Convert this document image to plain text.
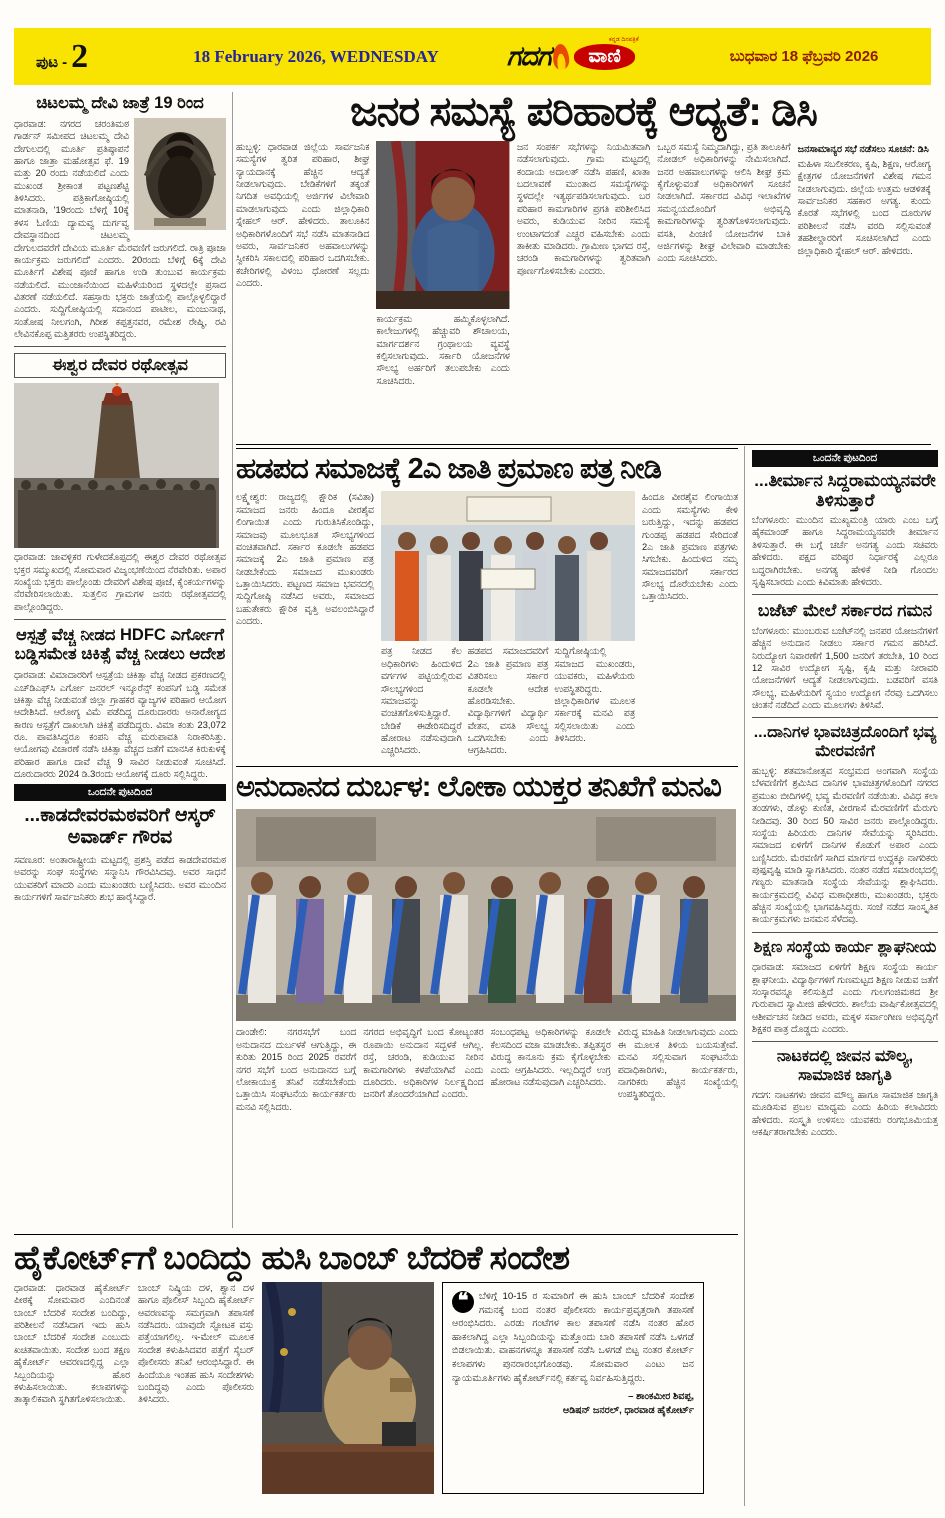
ಪುಟ - 2	18 February 2026, WEDNESDAY	ಗದಗ
ಕನ್ನಡ ದಿನಪತ್ರಿಕೆ
ವಾಣಿ	ಬುಧವಾರ 18 ಫೆಬ್ರವರಿ 2026
ಚಿಟಲಮ್ಮ ದೇವಿ ಜಾತ್ರೆ 19 ರಿಂದ
ಧಾರವಾಡ: ನಗರದ ಚರಂತಿಮಠ ಗಾರ್ಡನ್ ಸಮೀಪದ ಚಿಟಲಮ್ಮ ದೇವಿ ದೇಗುಲದಲ್ಲಿ ಮೂರ್ತಿ ಪ್ರತಿಷ್ಠಾಪನೆ ಹಾಗೂ ಜಾತ್ರಾ ಮಹೋತ್ಸವ ಫೆ. 19 ಮತ್ತು 20 ರಂದು ನಡೆಯಲಿದೆ ಎಂದು ಮುಖಂಡ ಶ್ರೀಕಾಂತ ಪಟ್ಟಣಶೆಟ್ಟಿ ತಿಳಿಸಿದರು. ಪತ್ರಿಕಾಗೋಷ್ಠಿಯಲ್ಲಿ ಮಾತನಾಡಿ, '19ರಂದು ಬೆಳಿಗ್ಗೆ 10ಕ್ಕೆ ಕಳಸ ಓಣಿಯ ದ್ಯಾಮವ್ವ ದುರ್ಗವ್ವ ದೇವಸ್ಥಾನದಿಂದ ಚಿಟಲಮ್ಮ ದೇಗುಲದವರೆಗೆ ದೇವಿಯ ಮೂರ್ತಿ ಮೆರವಣಿಗೆ ಜರುಗಲಿದೆ. ರಾತ್ರಿ ಪೂಜಾ ಕಾರ್ಯಕ್ರಮ ಜರುಗಲಿದೆ' ಎಂದರು. 20ರಂದು ಬೆಳಿಗ್ಗೆ 6ಕ್ಕೆ ದೇವಿ ಮೂರ್ತಿಗೆ ವಿಶೇಷ ಪೂಜೆ ಹಾಗೂ ಉಡಿ ತುಂಬುವ ಕಾರ್ಯಕ್ರಮ ನಡೆಯಲಿದೆ. ಮುಂಜಾನೆಯಿಂದ ಮಹಿಳೆಯರಿಂದ ಸ್ಥಳದಲ್ಲೇ ಪ್ರಸಾದ ವಿತರಣೆ ನಡೆಯಲಿದೆ. ಸಹಸ್ರಾರು ಭಕ್ತರು ಜಾತ್ರೆಯಲ್ಲಿ ಪಾಲ್ಗೊಳ್ಳಲಿದ್ದಾರೆ ಎಂದರು. ಸುದ್ದಿಗೋಷ್ಠಿಯಲ್ಲಿ ಸದಾನಂದ ಪಾಟೀಲ, ಮಂಜುನಾಥ, ಸಂತೋಷ ನೀಲಗಂಗಿ, ಗಿರೀಶ ಕಪ್ಪತ್ತನವರ, ರಮೇಶ ರೇಷ್ಮಿ, ರವಿ ಲೇವಿನಕೊಪ್ಪ ಮತ್ತಿತರರು ಉಪಸ್ಥಿತರಿದ್ದರು.
ಈಶ್ವರ ದೇವರ ರಥೋತ್ಸವ
ಧಾರವಾಡ: ಜಾವಳ್ಳಿಕರ ಗುಳೇದಕೊಪ್ಪದಲ್ಲಿ ಈಶ್ವರ ದೇವರ ರಥೋತ್ಸವ ಭಕ್ತರ ಸಮ್ಮುಖದಲ್ಲಿ ಸೋಮವಾರ ವಿಜೃಂಭಣೆಯಿಂದ ನೆರವೇರಿತು. ಅಪಾರ ಸಂಖ್ಯೆಯ ಭಕ್ತರು ಪಾಲ್ಗೊಂಡು ದೇವರಿಗೆ ವಿಶೇಷ ಪೂಜೆ, ಕೈಂಕರ್ಯಗಳನ್ನು ನೆರವೇರಿಸಲಾಯಿತು. ಸುತ್ತಲಿನ ಗ್ರಾಮಗಳ ಜನರು ರಥೋತ್ಸವದಲ್ಲಿ ಪಾಲ್ಗೊಂಡಿದ್ದರು.
ಆಸ್ಪತ್ರೆ ವೆಚ್ಚ ನೀಡದ HDFC ಎರ್ಗೋಗೆ ಬಡ್ಡಿಸಮೇತ ಚಿಕಿತ್ಸೆ ವೆಚ್ಚ ನೀಡಲು ಆದೇಶ
ಧಾರವಾಡ: ವಿಮಾದಾರರಿಗೆ ಆಸ್ಪತ್ರೆಯ ಚಿಕಿತ್ಸಾ ವೆಚ್ಚ ನೀಡದ ಪ್ರಕರಣದಲ್ಲಿ ಎಚ್‌ಡಿಎಫ್‌ಸಿ ಎರ್ಗೋ ಜನರಲ್ ಇನ್ಶೂರೆನ್ಸ್ ಕಂಪನಿಗೆ ಬಡ್ಡಿ ಸಮೇತ ಚಿಕಿತ್ಸಾ ವೆಚ್ಚ ನೀಡುವಂತೆ ಜಿಲ್ಲಾ ಗ್ರಾಹಕರ ವ್ಯಾಜ್ಯಗಳ ಪರಿಹಾರ ಆಯೋಗ ಆದೇಶಿಸಿದೆ. ಆರೋಗ್ಯ ವಿಮೆ ಪಡೆದಿದ್ದ ದೂರುದಾರರು ಅನಾರೋಗ್ಯದ ಕಾರಣ ಆಸ್ಪತ್ರೆಗೆ ದಾಖಲಾಗಿ ಚಿಕಿತ್ಸೆ ಪಡೆದಿದ್ದರು. ವಿಮಾ ಕಂತು 23,072 ರೂ. ಪಾವತಿಸಿದ್ದರೂ ಕಂಪನಿ ವೆಚ್ಚ ಮರುಪಾವತಿ ನಿರಾಕರಿಸಿತ್ತು. ಆಯೋಗವು ವಿಚಾರಣೆ ನಡೆಸಿ ಚಿಕಿತ್ಸಾ ವೆಚ್ಚದ ಜತೆಗೆ ಮಾನಸಿಕ ಕಿರುಕುಳಕ್ಕೆ ಪರಿಹಾರ ಹಾಗೂ ದಾವೆ ವೆಚ್ಚ 9 ಸಾವಿರ ನೀಡುವಂತೆ ಸೂಚಿಸಿದೆ. ದೂರುದಾರರು 2024 ಡಿ.3ರಂದು ಆಯೋಗಕ್ಕೆ ದೂರು ಸಲ್ಲಿಸಿದ್ದರು.
ಒಂದನೇ ಪುಟದಿಂದ
...ಕಾಡದೇವರಮಠವರಿಗೆ ಆಸ್ಕರ್ ಅವಾರ್ಡ್ ಗೌರವ
ಸವಣೂರ: ಅಂತಾರಾಷ್ಟ್ರೀಯ ಮಟ್ಟದಲ್ಲಿ ಪ್ರಶಸ್ತಿ ಪಡೆದ ಕಾಡದೇವರಮಠ ಅವರನ್ನು ಸಂಘ ಸಂಸ್ಥೆಗಳು ಸನ್ಮಾನಿಸಿ ಗೌರವಿಸಿದವು. ಅವರ ಸಾಧನೆ ಯುವಕರಿಗೆ ಮಾದರಿ ಎಂದು ಮುಖಂಡರು ಬಣ್ಣಿಸಿದರು. ಅವರ ಮುಂದಿನ ಕಾರ್ಯಗಳಿಗೆ ಸಾರ್ವಜನಿಕರು ಶುಭ ಹಾರೈಸಿದ್ದಾರೆ.
ಜನರ ಸಮಸ್ಯೆ ಪರಿಹಾರಕ್ಕೆ ಆದ್ಯತೆ: ಡಿಸಿ
ಹುಬ್ಬಳ್ಳಿ: ಧಾರವಾಡ ಜಿಲ್ಲೆಯ ಸಾರ್ವಜನಿಕ ಸಮಸ್ಯೆಗಳ ತ್ವರಿತ ಪರಿಹಾರ, ಶೀಘ್ರ ನ್ಯಾಯದಾನಕ್ಕೆ ಹೆಚ್ಚಿನ ಆದ್ಯತೆ ನೀಡಲಾಗುವುದು. ಬೇಡಿಕೆಗಳಿಗೆ ತಕ್ಕಂತೆ ನಿಗದಿತ ಅವಧಿಯಲ್ಲಿ ಅರ್ಜಿಗಳ ವಿಲೇವಾರಿ ಮಾಡಲಾಗುವುದು ಎಂದು ಜಿಲ್ಲಾಧಿಕಾರಿ ಸ್ನೇಹಲ್ ಆರ್. ಹೇಳಿದರು. ತಾಲೂಕಿನ ಅಧಿಕಾರಿಗಳೊಂದಿಗೆ ಸಭೆ ನಡೆಸಿ ಮಾತನಾಡಿದ ಅವರು, ಸಾರ್ವಜನಿಕರ ಅಹವಾಲುಗಳನ್ನು ಸ್ವೀಕರಿಸಿ ಸಕಾಲದಲ್ಲಿ ಪರಿಹಾರ ಒದಗಿಸಬೇಕು. ಕಚೇರಿಗಳಲ್ಲಿ ವಿಳಂಬ ಧೋರಣೆ ಸಲ್ಲದು ಎಂದರು.
ಕಾರ್ಯಕ್ರಮ ಹಮ್ಮಿಕೊಳ್ಳಲಾಗಿದೆ. ಕಾಲೇಜುಗಳಲ್ಲಿ ಹೆಚ್ಚುವರಿ ಶೌಚಾಲಯ, ಮಾರ್ಗದರ್ಶನ ಗ್ರಂಥಾಲಯ ವ್ಯವಸ್ಥೆ ಕಲ್ಪಿಸಲಾಗುವುದು. ಸರ್ಕಾರಿ ಯೋಜನೆಗಳ ಸೌಲಭ್ಯ ಅರ್ಹರಿಗೆ ತಲುಪಬೇಕು ಎಂದು ಸೂಚಿಸಿದರು.
ಜನ ಸಂಪರ್ಕ ಸಭೆಗಳನ್ನು ನಿಯಮಿತವಾಗಿ ನಡೆಸಲಾಗುವುದು. ಗ್ರಾಮ ಮಟ್ಟದಲ್ಲಿ ಕಂದಾಯ ಅದಾಲತ್ ನಡೆಸಿ ಪಹಣಿ, ಖಾತಾ ಬದಲಾವಣೆ ಮುಂತಾದ ಸಮಸ್ಯೆಗಳನ್ನು ಸ್ಥಳದಲ್ಲೇ ಇತ್ಯರ್ಥಪಡಿಸಲಾಗುವುದು. ಬರ ಪರಿಹಾರ ಕಾಮಗಾರಿಗಳ ಪ್ರಗತಿ ಪರಿಶೀಲಿಸಿದ ಅವರು, ಕುಡಿಯುವ ನೀರಿನ ಸಮಸ್ಯೆ ಉಂಟಾಗದಂತೆ ಎಚ್ಚರ ವಹಿಸಬೇಕು ಎಂದು ತಾಕೀತು ಮಾಡಿದರು. ಗ್ರಾಮೀಣ ಭಾಗದ ರಸ್ತೆ, ಚರಂಡಿ ಕಾಮಗಾರಿಗಳನ್ನು ತ್ವರಿತವಾಗಿ ಪೂರ್ಣಗೊಳಿಸಬೇಕು ಎಂದರು.
ಒಬ್ಬರ ಸಮಸ್ಯೆ ನಿಮ್ಮದಾಗಿದ್ದು, ಪ್ರತಿ ತಾಲೂಕಿಗೆ ನೋಡಲ್ ಅಧಿಕಾರಿಗಳನ್ನು ನೇಮಿಸಲಾಗಿದೆ. ಜನರ ಅಹವಾಲುಗಳನ್ನು ಆಲಿಸಿ ಶೀಘ್ರ ಕ್ರಮ ಕೈಗೊಳ್ಳುವಂತೆ ಅಧಿಕಾರಿಗಳಿಗೆ ಸೂಚನೆ ನೀಡಲಾಗಿದೆ. ಸರ್ಕಾರದ ವಿವಿಧ ಇಲಾಖೆಗಳ ಸಮನ್ವಯದೊಂದಿಗೆ ಅಭಿವೃದ್ಧಿ ಕಾಮಗಾರಿಗಳನ್ನು ತ್ವರಿತಗೊಳಿಸಲಾಗುವುದು. ವಸತಿ, ಪಿಂಚಣಿ ಯೋಜನೆಗಳ ಬಾಕಿ ಅರ್ಜಿಗಳನ್ನು ಶೀಘ್ರ ವಿಲೇವಾರಿ ಮಾಡಬೇಕು ಎಂದು ಸೂಚಿಸಿದರು.
ಜನಸಾಮಾನ್ಯರ ಸಭೆ ನಡೆಸಲು ಸೂಚನೆ: ಡಿಸಿ
ಮಹಿಳಾ ಸಬಲೀಕರಣ, ಕೃಷಿ, ಶಿಕ್ಷಣ, ಆರೋಗ್ಯ ಕ್ಷೇತ್ರಗಳ ಯೋಜನೆಗಳಿಗೆ ವಿಶೇಷ ಗಮನ ನೀಡಲಾಗುವುದು. ಜಿಲ್ಲೆಯ ಉತ್ತಮ ಆಡಳಿತಕ್ಕೆ ಸಾರ್ವಜನಿಕರ ಸಹಕಾರ ಅಗತ್ಯ. ಕುಂದು ಕೊರತೆ ಸಭೆಗಳಲ್ಲಿ ಬಂದ ದೂರುಗಳ ಪರಿಶೀಲನೆ ನಡೆಸಿ ವರದಿ ಸಲ್ಲಿಸುವಂತೆ ತಹಶೀಲ್ದಾರರಿಗೆ ಸೂಚಿಸಲಾಗಿದೆ ಎಂದು ಜಿಲ್ಲಾಧಿಕಾರಿ ಸ್ನೇಹಲ್ ಆರ್. ಹೇಳಿದರು.
ಹಡಪದ ಸಮಾಜಕ್ಕೆ 2ಎ ಜಾತಿ ಪ್ರಮಾಣ ಪತ್ರ ನೀಡಿ
ಲಕ್ಷ್ಮೇಶ್ವರ: ರಾಜ್ಯದಲ್ಲಿ ಕ್ಷೌರಿಕ (ಸವಿತಾ) ಸಮಾಜದ ಜನರು ಹಿಂದೂ ವೀರಶೈವ ಲಿಂಗಾಯಿತ ಎಂದು ಗುರುತಿಸಿಕೊಂಡಿದ್ದು, ಸಮಾಜವು ಮೂಲಭೂತ ಸೌಲಭ್ಯಗಳಿಂದ ವಂಚಿತವಾಗಿದೆ. ಸರ್ಕಾರ ಕೂಡಲೇ ಹಡಪದ ಸಮಾಜಕ್ಕೆ 2ಎ ಜಾತಿ ಪ್ರಮಾಣ ಪತ್ರ ನೀಡಬೇಕೆಂದು ಸಮಾಜದ ಮುಖಂಡರು ಒತ್ತಾಯಿಸಿದರು. ಪಟ್ಟಣದ ಸಮಾಜ ಭವನದಲ್ಲಿ ಸುದ್ದಿಗೋಷ್ಠಿ ನಡೆಸಿದ ಅವರು, ಸಮಾಜದ ಬಹುತೇಕರು ಕ್ಷೌರಿಕ ವೃತ್ತಿ ಅವಲಂಬಿಸಿದ್ದಾರೆ ಎಂದರು.
ಪತ್ರ ನೀಡದ ಕೆಲ ಅಧಿಕಾರಿಗಳು ಹಿಂದುಳಿದ ವರ್ಗಗಳ ಪಟ್ಟಿಯಲ್ಲಿರುವ ಸೌಲಭ್ಯಗಳಿಂದ ಸಮಾಜವನ್ನು ವಂಚಿತಗೊಳಿಸುತ್ತಿದ್ದಾರೆ. ಬೇಡಿಕೆ ಈಡೇರಿಸದಿದ್ದರೆ ಹೋರಾಟ ನಡೆಸುವುದಾಗಿ ಎಚ್ಚರಿಸಿದರು.
ಹಡಪದ ಸಮಾಜದವರಿಗೆ 2ಎ ಜಾತಿ ಪ್ರಮಾಣ ಪತ್ರ ವಿತರಿಸಲು ಸರ್ಕಾರ ಕೂಡಲೇ ಆದೇಶ ಹೊರಡಿಸಬೇಕು. ವಿದ್ಯಾರ್ಥಿಗಳಿಗೆ ವಿದ್ಯಾರ್ಥಿ ವೇತನ, ವಸತಿ ಸೌಲಭ್ಯ ಒದಗಿಸಬೇಕು ಎಂದು ಆಗ್ರಹಿಸಿದರು.
ಸುದ್ದಿಗೋಷ್ಠಿಯಲ್ಲಿ ಸಮಾಜದ ಮುಖಂಡರು, ಯುವಕರು, ಮಹಿಳೆಯರು ಉಪಸ್ಥಿತರಿದ್ದರು. ಜಿಲ್ಲಾಧಿಕಾರಿಗಳ ಮೂಲಕ ಸರ್ಕಾರಕ್ಕೆ ಮನವಿ ಪತ್ರ ಸಲ್ಲಿಸಲಾಯಿತು ಎಂದು ತಿಳಿಸಿದರು.
ಹಿಂದೂ ವೀರಶೈವ ಲಿಂಗಾಯಿತ ಎಂದು ಸಮಸ್ಯೆಗಳು ಕೇಳಿ ಬರುತ್ತಿದ್ದು, ಇದನ್ನು ಹಡಪದ ಗುಂಡಪ್ಪ ಹಡಪದ ಸೇರಿದಂತೆ 2ಎ ಜಾತಿ ಪ್ರಮಾಣ ಪತ್ರಗಳು ಸಿಗಬೇಕು. ಹಿಂದುಳಿದ ನಮ್ಮ ಸಮಾಜದವರಿಗೆ ಸರ್ಕಾರದ ಸೌಲಭ್ಯ ದೊರೆಯಬೇಕು ಎಂದು ಒತ್ತಾಯಿಸಿದರು.
ಅನುದಾನದ ದುರ್ಬಳ: ಲೋಕಾ ಯುಕ್ತರ ತನಿಖೆಗೆ ಮನವಿ
ದಾಂಡೇಲಿ: ನಗರಸಭೆಗೆ ಬಂದ ಅನುದಾನದ ದುರ್ಬಳಕೆ ಆಗುತ್ತಿದ್ದು, ಈ ಕುರಿತು 2015 ರಿಂದ 2025 ರವರೆಗೆ ನಗರ ಸಭೆಗೆ ಬಂದ ಅನುದಾನದ ಬಗ್ಗೆ ಲೋಕಾಯುಕ್ತ ತನಿಖೆ ನಡೆಸಬೇಕೆಂದು ಒತ್ತಾಯಿಸಿ ಸಂಘಟನೆಯ ಕಾರ್ಯಕರ್ತರು ಮನವಿ ಸಲ್ಲಿಸಿದರು.
ನಗರದ ಅಭಿವೃದ್ಧಿಗೆ ಬಂದ ಕೋಟ್ಯಂತರ ರೂಪಾಯಿ ಅನುದಾನ ಸದ್ಬಳಕೆ ಆಗಿಲ್ಲ. ರಸ್ತೆ, ಚರಂಡಿ, ಕುಡಿಯುವ ನೀರಿನ ಕಾಮಗಾರಿಗಳು ಕಳಪೆಯಾಗಿವೆ ಎಂದು ದೂರಿದರು. ಅಧಿಕಾರಿಗಳ ನಿರ್ಲಕ್ಷ್ಯದಿಂದ ಜನರಿಗೆ ತೊಂದರೆಯಾಗಿದೆ ಎಂದರು.
ಸಂಬಂಧಪಟ್ಟ ಅಧಿಕಾರಿಗಳನ್ನು ಕೂಡಲೇ ಕೆಲಸದಿಂದ ವಜಾ ಮಾಡಬೇಕು. ತಪ್ಪಿತಸ್ಥರ ವಿರುದ್ಧ ಕಾನೂನು ಕ್ರಮ ಕೈಗೊಳ್ಳಬೇಕು ಎಂದು ಆಗ್ರಹಿಸಿದರು. ಇಲ್ಲದಿದ್ದರೆ ಉಗ್ರ ಹೋರಾಟ ನಡೆಸುವುದಾಗಿ ಎಚ್ಚರಿಸಿದರು.
ವಿರುದ್ಧ ಮಾಹಿತಿ ನೀಡಲಾಗುವುದು ಎಂದು ಈ ಮೂಲಕ ತಿಳಿಯ ಬಯಸುತ್ತೇವೆ. ಮನವಿ ಸಲ್ಲಿಸುವಾಗ ಸಂಘಟನೆಯ ಪದಾಧಿಕಾರಿಗಳು, ಕಾರ್ಯಕರ್ತರು, ನಾಗರಿಕರು ಹೆಚ್ಚಿನ ಸಂಖ್ಯೆಯಲ್ಲಿ ಉಪಸ್ಥಿತರಿದ್ದರು.
ಒಂದನೇ ಪುಟದಿಂದ
...ತೀರ್ಮಾನ ಸಿದ್ದರಾಮಯ್ಯನವರೇ ತಿಳಿಸುತ್ತಾರೆ
ಬೆಂಗಳೂರು: ಮುಂದಿನ ಮುಖ್ಯಮಂತ್ರಿ ಯಾರು ಎಂಬ ಬಗ್ಗೆ ಹೈಕಮಾಂಡ್ ಹಾಗೂ ಸಿದ್ದರಾಮಯ್ಯನವರೇ ತೀರ್ಮಾನ ತಿಳಿಸುತ್ತಾರೆ. ಈ ಬಗ್ಗೆ ಚರ್ಚೆ ಅನಗತ್ಯ ಎಂದು ಸಚಿವರು ಹೇಳಿದರು. ಪಕ್ಷದ ವರಿಷ್ಠರ ನಿರ್ಧಾರಕ್ಕೆ ಎಲ್ಲರೂ ಬದ್ಧರಾಗಿರಬೇಕು. ಅನಗತ್ಯ ಹೇಳಿಕೆ ನೀಡಿ ಗೊಂದಲ ಸೃಷ್ಟಿಸಬಾರದು ಎಂದು ಕಿವಿಮಾತು ಹೇಳಿದರು.
ಬಜೆಟ್ ಮೇಲೆ ಸರ್ಕಾರದ ಗಮನ
ಬೆಂಗಳೂರು: ಮುಂಬರುವ ಬಜೆಟ್‌ನಲ್ಲಿ ಜನಪರ ಯೋಜನೆಗಳಿಗೆ ಹೆಚ್ಚಿನ ಅನುದಾನ ನೀಡಲು ಸರ್ಕಾರ ಗಮನ ಹರಿಸಿದೆ. ನಿರುದ್ಯೋಗ ನಿವಾರಣೆಗೆ 1,500 ಜನರಿಗೆ ತರಬೇತಿ, 10 ರಿಂದ 12 ಸಾವಿರ ಉದ್ಯೋಗ ಸೃಷ್ಟಿ, ಕೃಷಿ ಮತ್ತು ನೀರಾವರಿ ಯೋಜನೆಗಳಿಗೆ ಆದ್ಯತೆ ನೀಡಲಾಗುವುದು. ಬಡವರಿಗೆ ವಸತಿ ಸೌಲಭ್ಯ, ಮಹಿಳೆಯರಿಗೆ ಸ್ವಯಂ ಉದ್ಯೋಗ ನೆರವು ಒದಗಿಸಲು ಚಿಂತನೆ ನಡೆದಿದೆ ಎಂದು ಮೂಲಗಳು ತಿಳಿಸಿವೆ.
...ದಾನಿಗಳ ಭಾವಚಿತ್ರದೊಂದಿಗೆ ಭವ್ಯ ಮೇರವಣಿಗೆ
ಹುಬ್ಬಳ್ಳಿ: ಶತಮಾನೋತ್ಸವ ಸಂಭ್ರಮದ ಅಂಗವಾಗಿ ಸಂಸ್ಥೆಯ ಬೆಳವಣಿಗೆಗೆ ಶ್ರಮಿಸಿದ ದಾನಿಗಳ ಭಾವಚಿತ್ರಗಳೊಂದಿಗೆ ನಗರದ ಪ್ರಮುಖ ಬೀದಿಗಳಲ್ಲಿ ಭವ್ಯ ಮೆರವಣಿಗೆ ನಡೆಯಿತು. ವಿವಿಧ ಕಲಾ ತಂಡಗಳು, ಡೊಳ್ಳು ಕುಣಿತ, ವೀರಗಾಸೆ ಮೆರವಣಿಗೆಗೆ ಮೆರುಗು ನೀಡಿದವು. 30 ರಿಂದ 50 ಸಾವಿರ ಜನರು ಪಾಲ್ಗೊಂಡಿದ್ದರು. ಸಂಸ್ಥೆಯ ಹಿರಿಯರು ದಾನಿಗಳ ಸೇವೆಯನ್ನು ಸ್ಮರಿಸಿದರು. ಸಮಾಜದ ಏಳಿಗೆಗೆ ದಾನಿಗಳ ಕೊಡುಗೆ ಅಪಾರ ಎಂದು ಬಣ್ಣಿಸಿದರು. ಮೆರವಣಿಗೆ ಸಾಗಿದ ಮಾರ್ಗದ ಉದ್ದಕ್ಕೂ ನಾಗರಿಕರು ಪುಷ್ಪವೃಷ್ಟಿ ಮಾಡಿ ಸ್ವಾಗತಿಸಿದರು. ನಂತರ ನಡೆದ ಸಮಾರಂಭದಲ್ಲಿ ಗಣ್ಯರು ಮಾತನಾಡಿ ಸಂಸ್ಥೆಯ ಸೇವೆಯನ್ನು ಶ್ಲಾಘಿಸಿದರು. ಕಾರ್ಯಕ್ರಮದಲ್ಲಿ ವಿವಿಧ ಮಠಾಧೀಶರು, ಮುಖಂಡರು, ಭಕ್ತರು ಹೆಚ್ಚಿನ ಸಂಖ್ಯೆಯಲ್ಲಿ ಭಾಗವಹಿಸಿದ್ದರು. ಸಂಜೆ ನಡೆದ ಸಾಂಸ್ಕೃತಿಕ ಕಾರ್ಯಕ್ರಮಗಳು ಜನಮನ ಸೆಳೆದವು.
ಶಿಕ್ಷಣ ಸಂಸ್ಥೆಯ ಕಾರ್ಯ ಶ್ಲಾಘನೀಯ
ಧಾರವಾಡ: ಸಮಾಜದ ಏಳಿಗೆಗೆ ಶಿಕ್ಷಣ ಸಂಸ್ಥೆಯ ಕಾರ್ಯ ಶ್ಲಾಘನೀಯ. ವಿದ್ಯಾರ್ಥಿಗಳಿಗೆ ಗುಣಮಟ್ಟದ ಶಿಕ್ಷಣ ನೀಡುವ ಜತೆಗೆ ಸಂಸ್ಕಾರವನ್ನೂ ಕಲಿಸುತ್ತಿದೆ ಎಂದು ಗುಲಗಂಜಿಮಠದ ಶ್ರೀ ಗುರುಪಾದ ಸ್ವಾಮೀಜಿ ಹೇಳಿದರು. ಶಾಲೆಯ ವಾರ್ಷಿಕೋತ್ಸವದಲ್ಲಿ ಆಶೀರ್ವಚನ ನೀಡಿದ ಅವರು, ಮಕ್ಕಳ ಸರ್ವಾಂಗೀಣ ಅಭಿವೃದ್ಧಿಗೆ ಶಿಕ್ಷಕರ ಪಾತ್ರ ದೊಡ್ಡದು ಎಂದರು.
ನಾಟಕದಲ್ಲಿ ಜೀವನ ಮೌಲ್ಯ, ಸಾಮಾಜಿಕ ಜಾಗೃತಿ
ಗದಗ: ನಾಟಕಗಳು ಜೀವನ ಮೌಲ್ಯ ಹಾಗೂ ಸಾಮಾಜಿಕ ಜಾಗೃತಿ ಮೂಡಿಸುವ ಪ್ರಬಲ ಮಾಧ್ಯಮ ಎಂದು ಹಿರಿಯ ಕಲಾವಿದರು ಹೇಳಿದರು. ಸಂಸ್ಕೃತಿ ಉಳಿಸಲು ಯುವಕರು ರಂಗಭೂಮಿಯತ್ತ ಆಕರ್ಷಿತರಾಗಬೇಕು ಎಂದರು.
ಹೈಕೋರ್ಟ್‌ಗೆ ಬಂದಿದ್ದು ಹುಸಿ ಬಾಂಬ್ ಬೆದರಿಕೆ ಸಂದೇಶ
ಧಾರವಾಡ: ಧಾರವಾಡ ಹೈಕೋರ್ಟ್ ಪೀಠಕ್ಕೆ ಸೋಮವಾರ ಎಂದಿನಂತೆ ಬಾಂಬ್ ಬೆದರಿಕೆ ಸಂದೇಶ ಬಂದಿದ್ದು, ಪರಿಶೀಲನೆ ನಡೆಸಿದಾಗ ಇದು ಹುಸಿ ಬಾಂಬ್ ಬೆದರಿಕೆ ಸಂದೇಶ ಎಂಬುದು ಖಚಿತವಾಯಿತು. ಸಂದೇಶ ಬಂದ ತಕ್ಷಣ ಹೈಕೋರ್ಟ್ ಆವರಣದಲ್ಲಿದ್ದ ಎಲ್ಲಾ ಸಿಬ್ಬಂದಿಯನ್ನು ಹೊರ ಕಳುಹಿಸಲಾಯಿತು. ಕಲಾಪಗಳನ್ನು ತಾತ್ಕಾಲಿಕವಾಗಿ ಸ್ಥಗಿತಗೊಳಿಸಲಾಯಿತು.
ಬಾಂಬ್ ನಿಷ್ಕ್ರಿಯ ದಳ, ಶ್ವಾನ ದಳ ಹಾಗೂ ಪೊಲೀಸ್ ಸಿಬ್ಬಂದಿ ಹೈಕೋರ್ಟ್ ಆವರಣವನ್ನು ಸಮಗ್ರವಾಗಿ ತಪಾಸಣೆ ನಡೆಸಿದರು. ಯಾವುದೇ ಸ್ಫೋಟಕ ವಸ್ತು ಪತ್ತೆಯಾಗಲಿಲ್ಲ. ಇ-ಮೇಲ್ ಮೂಲಕ ಸಂದೇಶ ಕಳುಹಿಸಿದವರ ಪತ್ತೆಗೆ ಸೈಬರ್ ಪೊಲೀಸರು ತನಿಖೆ ಆರಂಭಿಸಿದ್ದಾರೆ. ಈ ಹಿಂದೆಯೂ ಇಂತಹ ಹುಸಿ ಸಂದೇಶಗಳು ಬಂದಿದ್ದವು ಎಂದು ಪೊಲೀಸರು ತಿಳಿಸಿದರು.
❝	ಬೆಳಿಗ್ಗೆ 10-15 ರ ಸುಮಾರಿಗೆ ಈ ಹುಸಿ ಬಾಂಬ್ ಬೆದರಿಕೆ ಸಂದೇಶ ಗಮನಕ್ಕೆ ಬಂದ ನಂತರ ಪೊಲೀಸರು ಕಾರ್ಯಪ್ರವೃತ್ತರಾಗಿ ತಪಾಸಣೆ ಆರಂಭಿಸಿದರು. ಎರಡು ಗಂಟೆಗಳ ಕಾಲ ತಪಾಸಣೆ ನಡೆಸಿ ನಂತರ ಹೊರ ಹಾಕಲಾಗಿದ್ದ ಎಲ್ಲಾ ಸಿಬ್ಬಂದಿಯನ್ನು ಮತ್ತೊಂದು ಬಾರಿ ತಪಾಸಣೆ ನಡೆಸಿ ಒಳಗಡೆ ಬಿಡಲಾಯಿತು. ವಾಹನಗಳನ್ನೂ ತಪಾಸಣೆ ನಡೆಸಿ ಒಳಗಡೆ ಬಿಟ್ಟ ನಂತರ ಕೋರ್ಟ್ ಕಲಾಪಗಳು ಪುನರಾರಂಭಗೊಂಡವು. ಸೋಮವಾರ ಎಂಟು ಜನ ನ್ಯಾಯಮೂರ್ತಿಗಳು ಹೈಕೋರ್ಟ್‌ನಲ್ಲಿ ಕರ್ತವ್ಯ ನಿರ್ವಹಿಸುತ್ತಿದ್ದರು.
– ಶಾಂಕಮೀರ ಶಿವಪ್ಪ,
ಆಡಿಷನ್ ಜನರಲ್, ಧಾರವಾಡ ಹೈಕೋರ್ಟ್
